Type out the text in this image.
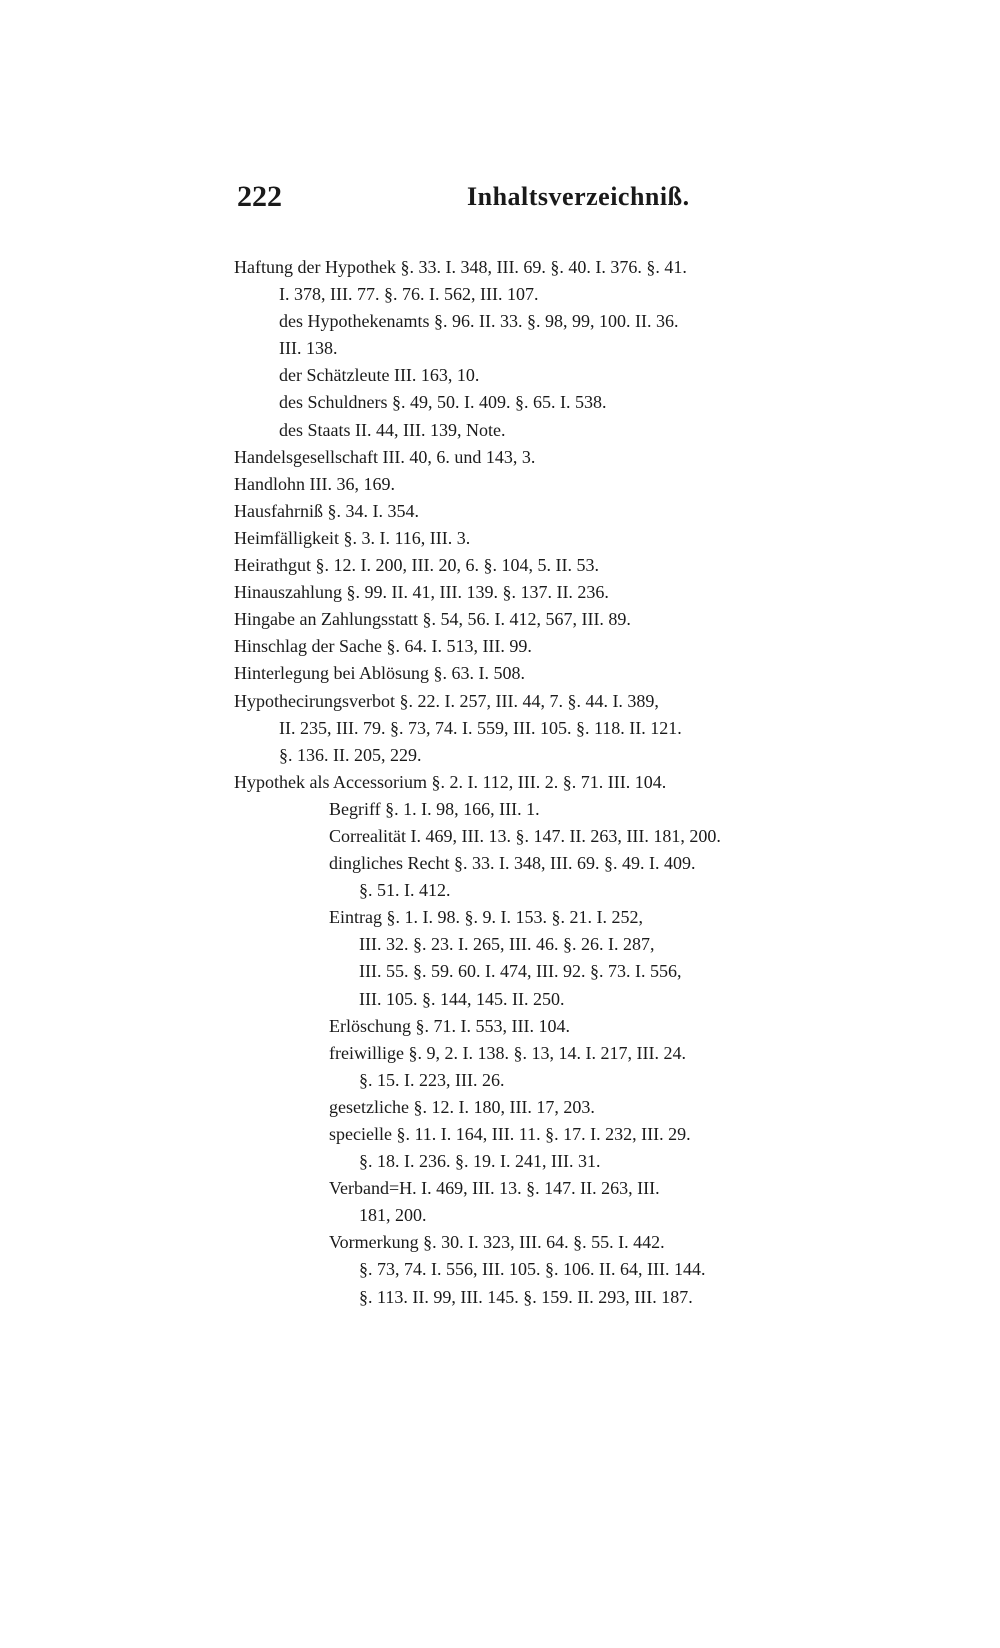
222	Inhaltsverzeichniß.
Haftung der Hypothek §. 33. I. 348, III. 69. §. 40. I. 376. §. 41.
I. 378, III. 77. §. 76. I. 562, III. 107.
des Hypothekenamts §. 96. II. 33. §. 98, 99, 100. II. 36.
III. 138.
der Schätzleute III. 163, 10.
des Schuldners §. 49, 50. I. 409. §. 65. I. 538.
des Staats II. 44, III. 139, Note.
Handelsgesellschaft III. 40, 6. und 143, 3.
Handlohn III. 36, 169.
Hausfahrniß §. 34. I. 354.
Heimfälligkeit §. 3. I. 116, III. 3.
Heirathgut §. 12. I. 200, III. 20, 6. §. 104, 5. II. 53.
Hinauszahlung §. 99. II. 41, III. 139. §. 137. II. 236.
Hingabe an Zahlungsstatt §. 54, 56. I. 412, 567, III. 89.
Hinschlag der Sache §. 64. I. 513, III. 99.
Hinterlegung bei Ablösung §. 63. I. 508.
Hypothecirungsverbot §. 22. I. 257, III. 44, 7. §. 44. I. 389,
II. 235, III. 79. §. 73, 74. I. 559, III. 105. §. 118. II. 121.
§. 136. II. 205, 229.
Hypothek als Accessorium §. 2. I. 112, III. 2. §. 71. III. 104.
Begriff §. 1. I. 98, 166, III. 1.
Correalität I. 469, III. 13. §. 147. II. 263, III. 181, 200.
dingliches Recht §. 33. I. 348, III. 69. §. 49. I. 409.
§. 51. I. 412.
Eintrag §. 1. I. 98. §. 9. I. 153. §. 21. I. 252,
III. 32. §. 23. I. 265, III. 46. §. 26. I. 287,
III. 55. §. 59. 60. I. 474, III. 92. §. 73. I. 556,
III. 105. §. 144, 145. II. 250.
Erlöschung §. 71. I. 553, III. 104.
freiwillige §. 9, 2. I. 138. §. 13, 14. I. 217, III. 24.
§. 15. I. 223, III. 26.
gesetzliche §. 12. I. 180, III. 17, 203.
specielle §. 11. I. 164, III. 11. §. 17. I. 232, III. 29.
§. 18. I. 236. §. 19. I. 241, III. 31.
Verband=H. I. 469, III. 13. §. 147. II. 263, III.
181, 200.
Vormerkung §. 30. I. 323, III. 64. §. 55. I. 442.
§. 73, 74. I. 556, III. 105. §. 106. II. 64, III. 144.
§. 113. II. 99, III. 145. §. 159. II. 293, III. 187.
